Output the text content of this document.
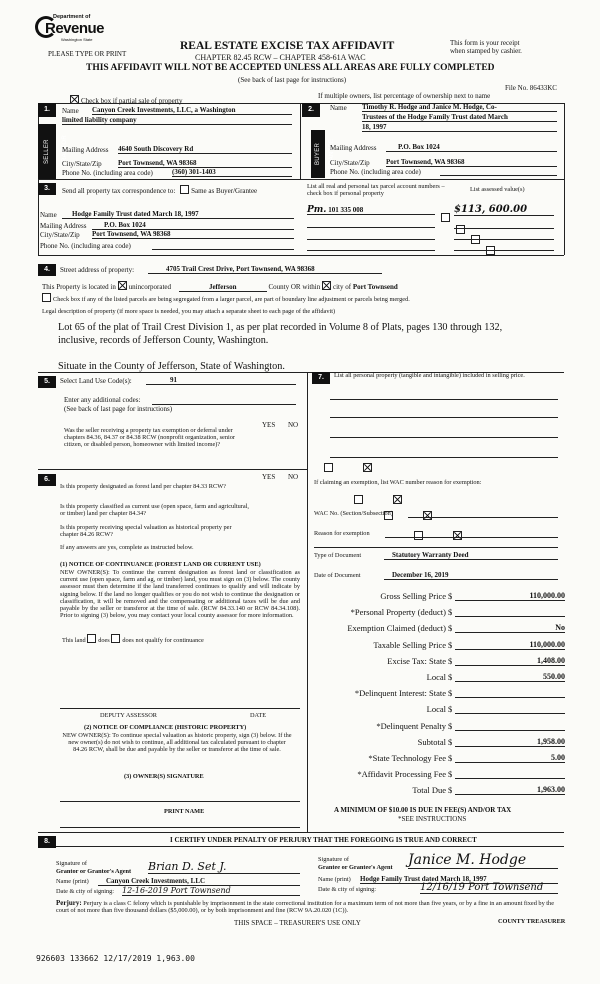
Department of
Revenue
Washington State
PLEASE TYPE OR PRINT
REAL ESTATE EXCISE TAX AFFIDAVIT
CHAPTER 82.45 RCW – CHAPTER 458-61A WAC
THIS AFFIDAVIT WILL NOT BE ACCEPTED UNLESS ALL AREAS ARE FULLY COMPLETED
(See back of last page for instructions)
This form is your receipt
when stamped by cashier.
File No. 86433KC
Check box if partial sale of property
If multiple owners, list percentage of ownership next to name
1.
SELLER GRANTOR
Name Canyon Creek Investments, LLC, a Washington
limited liability company
Mailing Address 4640 South Discovery Rd
City/State/Zip Port Townsend, WA 98368
Phone No. (including area code)	(360) 301-1403
2.
BUYER GRANTEE
Name Timothy R. Hodge and Janice M. Hodge, Co-
Trustees of the Hodge Family Trust dated March
18, 1997
Mailing Address	P.O. Box 1024
City/State/Zip Port Townsend, WA 98368
Phone No. (including area code)
3.	Send all property tax correspondence to: Same as Buyer/Grantee
Name	Hodge Family Trust dated March 18, 1997
Mailing Address	P.O. Box 1024
City/State/Zip Port Townsend, WA 98368
Phone No. (including area code)
List all real and personal tax parcel account numbers – check box if personal property
List assessed value(s)
Pm. 101 335 008
	$113, 600.00

4.	Street address of property:	4705 Trail Crest Drive, Port Townsend, WA 98368
This Property is located in unincorporated	Jefferson	County OR within city of Port Townsend
Check box if any of the listed parcels are being segregated from a larger parcel, are part of boundary line adjustment or parcels being merged.
Legal description of property (if more space is needed, you may attach a separate sheet to each page of the affidavit)
Lot 65 of the plat of Trail Crest Division 1, as per plat recorded in Volume 8 of Plats, pages 130 through 132,
inclusive, records of Jefferson County, Washington.
Situate in the County of Jefferson, State of Washington.
5.	Select Land Use Code(s):	91
Enter any additional codes:
(See back of last page for instructions)
YES NO
Was the seller receiving a property tax exemption or deferral under chapters 84.36, 84.37 or 84.38 RCW (nonprofit organization, senior citizen, or disabled person, homeowner with limited income)?

6.	YES NO
Is this property designated as forest land per chapter 84.33 RCW?

Is this property classified as current use (open space, farm and agricultural, or timber) land per chapter 84.34?

Is this property receiving special valuation as historical property per chapter 84.26 RCW?

If any answers are yes, complete as instructed below.
(1) NOTICE OF CONTINUANCE (FOREST LAND OR CURRENT USE)
NEW OWNER(S): To continue the current designation as forest land or classification as current use (open space, farm and ag, or timber) land, you must sign on (3) below. The county assessor must then determine if the land transferred continues to qualify and will indicate by signing below. If the land no longer qualifies or you do not wish to continue the designation or classification, it will be removed and the compensating or additional taxes will be due and payable by the seller or transferor at the time of sale. (RCW 84.33.140 or RCW 84.34.108). Prior to signing (3) below, you may contact your local county assessor for more information.
This land does does not qualify for continuance
DEPUTY ASSESSOR	DATE
(2) NOTICE OF COMPLIANCE (HISTORIC PROPERTY)
NEW OWNER(S): To continue special valuation as historic property, sign (3) below. If the new owner(s) do not wish to continue, all additional tax calculated pursuant to chapter 84.26 RCW, shall be due and payable by the seller or transferor at the time of sale.
(3) OWNER(S) SIGNATURE
PRINT NAME
7.	List all personal property (tangible and intangible) included in selling price.
If claiming an exemption, list WAC number reason for exemption:
WAC No. (Section/Subsection)
Reason for exemption
Type of Document	Statutory Warranty Deed
Date of Document	December 16, 2019
Gross Selling Price $	110,000.00
*Personal Property (deduct) $
Exemption Claimed (deduct) $	No
Taxable Selling Price $	110,000.00
Excise Tax: State $	1,408.00
Local $	550.00
*Delinquent Interest: State $
Local $
*Delinquent Penalty $
Subtotal $	1,958.00
*State Technology Fee $	5.00
*Affidavit Processing Fee $
Total Due $	1,963.00
A MINIMUM OF $10.00 IS DUE IN FEE(S) AND/OR TAX
*SEE INSTRUCTIONS
8.	I CERTIFY UNDER PENALTY OF PERJURY THAT THE FOREGOING IS TRUE AND CORRECT
Signature of
Grantor or Grantor's Agent Brian D. Set J.
Name (print)	Canyon Creek Investments, LLC
Date & city of signing: 12-16-2019 Port Townsend
Signature of
Grantee or Grantee's Agent Janice M. Hodge
Name (print) Hodge Family Trust dated March 18, 1997
Date & city of signing:	12/16/19 Port Townsend
Perjury: Perjury is a class C felony which is punishable by imprisonment in the state correctional institution for a maximum term of not more than five years, or by a fine in an amount fixed by the court of not more than five thousand dollars ($5,000.00), or by both imprisonment and fine (RCW 9A.20.020 (1C)).
THIS SPACE – TREASURER'S USE ONLY	COUNTY TREASURER
926603 133662 12/17/2019 1,963.00
